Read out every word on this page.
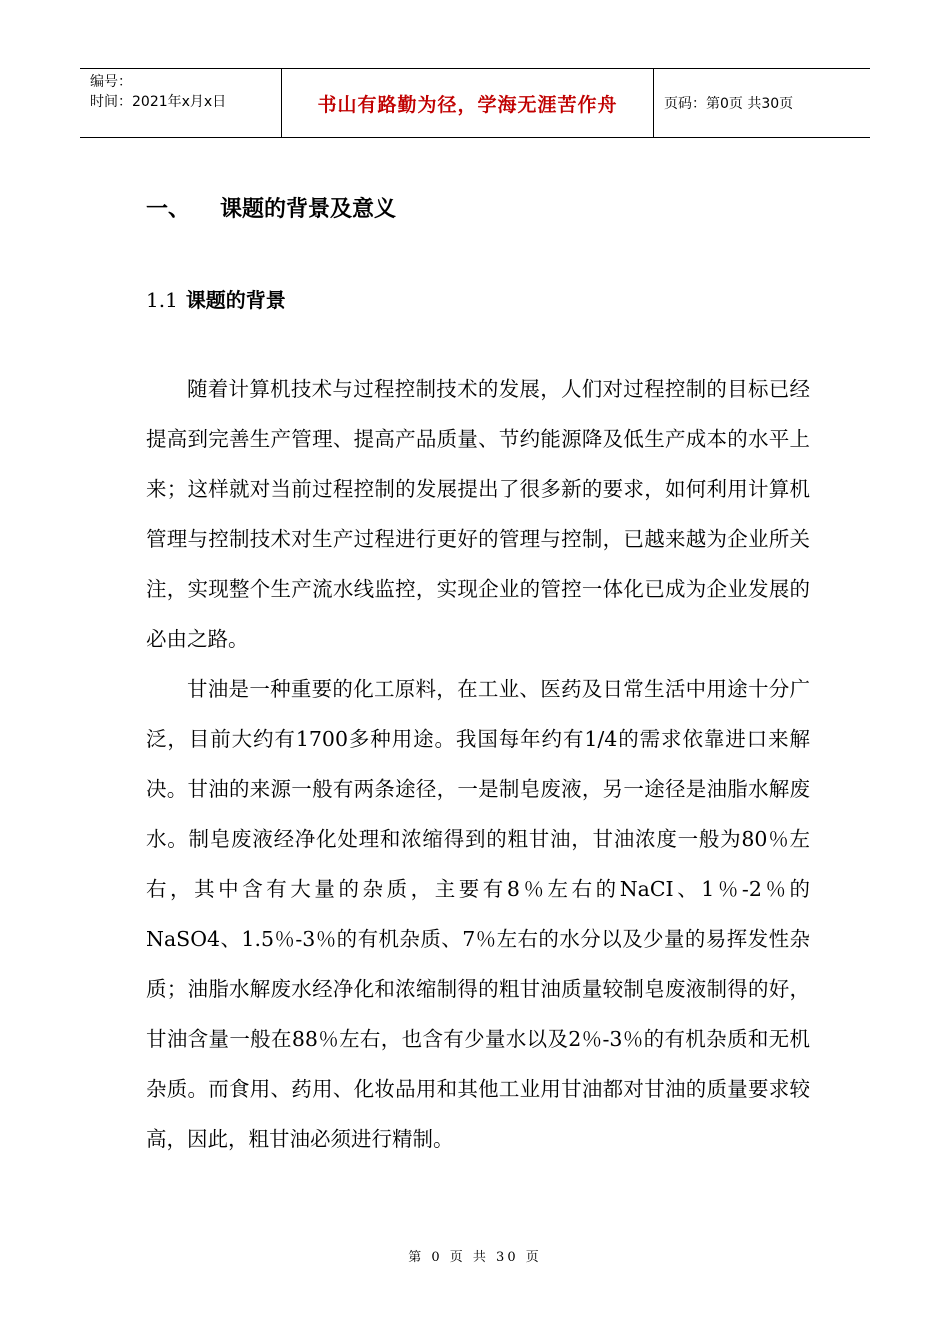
编号：
时间：2021年x月x日	书山有路勤为径，学海无涯苦作舟	页码：第0页 共30页
一、 课题的背景及意义
1.1 课题的背景

随着计算机技术与过程控制技术的发展，人们对过程控制的目标已经提高到完善生产管理、提高产品质量、节约能源降及低生产成本的水平上来；这样就对当前过程控制的发展提出了很多新的要求，如何利用计算机管理与控制技术对生产过程进行更好的管理与控制，已越来越为企业所关注，实现整个生产流水线监控，实现企业的管控一体化已成为企业发展的必由之路。

甘油是一种重要的化工原料，在工业、医药及日常生活中用途十分广泛，目前大约有1700多种用途。我国每年约有1/4的需求依靠进口来解决。甘油的来源一般有两条途径，一是制皂废液，另一途径是油脂水解废水。制皂废液经净化处理和浓缩得到的粗甘油，甘油浓度一般为80％左右，其中含有大量的杂质，主要有8％左右的NaCI、1％-2％的NaSO4、1.5％-3％的有机杂质、7％左右的水分以及少量的易挥发性杂质；油脂水解废水经净化和浓缩制得的粗甘油质量较制皂废液制得的好，甘油含量一般在88％左右，也含有少量水以及2％-3％的有机杂质和无机杂质。而食用、药用、化妆品用和其他工业用甘油都对甘油的质量要求较高，因此，粗甘油必须进行精制。

第 0 页 共 30 页
